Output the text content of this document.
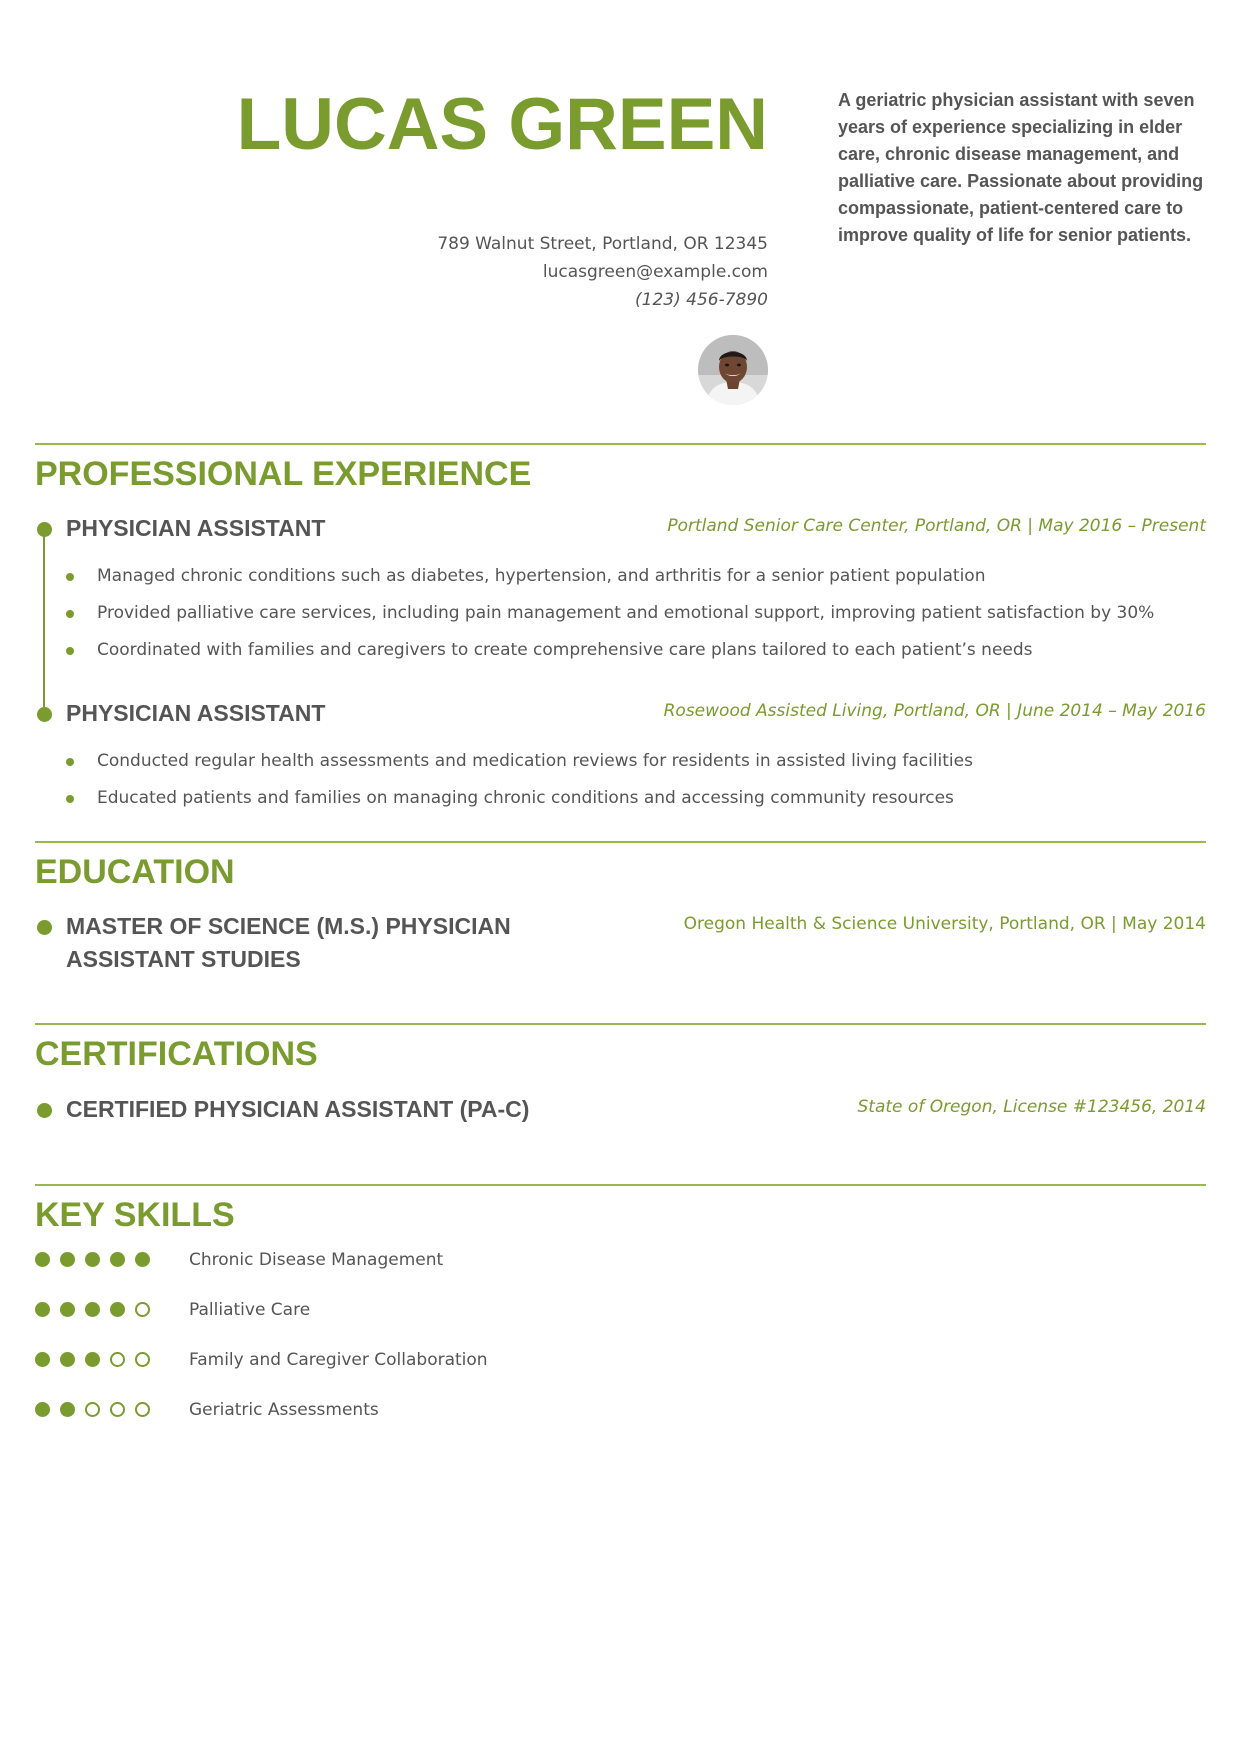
LUCAS GREEN
789 Walnut Street, Portland, OR 12345
lucasgreen@example.com
(123) 456-7890
A geriatric physician assistant with seven years of experience specializing in elder care, chronic disease management, and palliative care. Passionate about providing compassionate, patient-centered care to improve quality of life for senior patients.
PROFESSIONAL EXPERIENCE
PHYSICIAN ASSISTANT	Portland Senior Care Center, Portland, OR | May 2016 – Present
Managed chronic conditions such as diabetes, hypertension, and arthritis for a senior patient population
Provided palliative care services, including pain management and emotional support, improving patient satisfaction by 30%
Coordinated with families and caregivers to create comprehensive care plans tailored to each patient’s needs
PHYSICIAN ASSISTANT	Rosewood Assisted Living, Portland, OR | June 2014 – May 2016
Conducted regular health assessments and medication reviews for residents in assisted living facilities
Educated patients and families on managing chronic conditions and accessing community resources
EDUCATION
MASTER OF SCIENCE (M.S.) PHYSICIAN
ASSISTANT STUDIES
Oregon Health & Science University, Portland, OR | May 2014
CERTIFICATIONS
CERTIFIED PHYSICIAN ASSISTANT (PA-C)	State of Oregon, License #123456, 2014
KEY SKILLS
Chronic Disease Management
Palliative Care
Family and Caregiver Collaboration
Geriatric Assessments
